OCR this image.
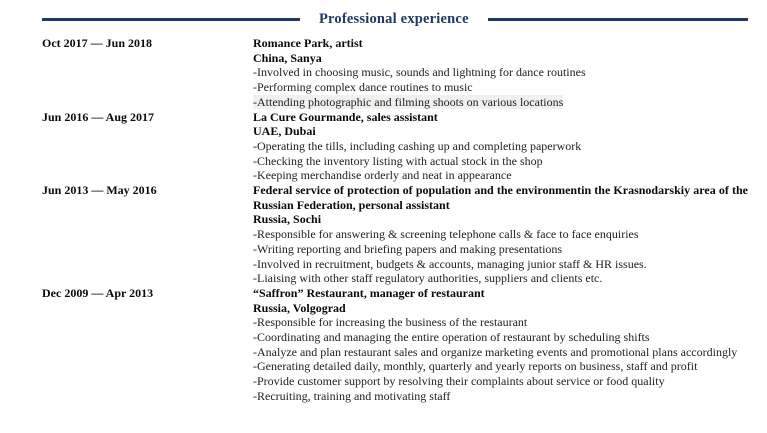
Professional experience
Oct 2017 — Jun 2018	Romance Park, artist

China, Sanya

-Involved in choosing music, sounds and lightning for dance routines

-Performing complex dance routines to music

-Attending photographic and filming shoots on various locations

Jun 2016 — Aug 2017	La Cure Gourmande, sales assistant

UAE, Dubai

-Operating the tills, including cashing up and completing paperwork

-Checking the inventory listing with actual stock in the shop

-Keeping merchandise orderly and neat in appearance

Jun 2013 — May 2016	Federal service of protection of population and the environmentin the Krasnodarskiy area of the Russian Federation, personal assistant

Russia, Sochi

-Responsible for answering & screening telephone calls & face to face enquiries

-Writing reporting and briefing papers and making presentations

-Involved in recruitment, budgets & accounts, managing junior staff & HR issues.

-Liaising with other staff regulatory authorities, suppliers and clients etc.

Dec 2009 — Apr 2013	“Saffron” Restaurant, manager of restaurant

Russia, Volgograd

-Responsible for increasing the business of the restaurant

-Coordinating and managing the entire operation of restaurant by scheduling shifts

-Analyze and plan restaurant sales and organize marketing events and promotional plans accordingly

-Generating detailed daily, monthly, quarterly and yearly reports on business, staff and profit

-Provide customer support by resolving their complaints about service or food quality

-Recruiting, training and motivating staff
